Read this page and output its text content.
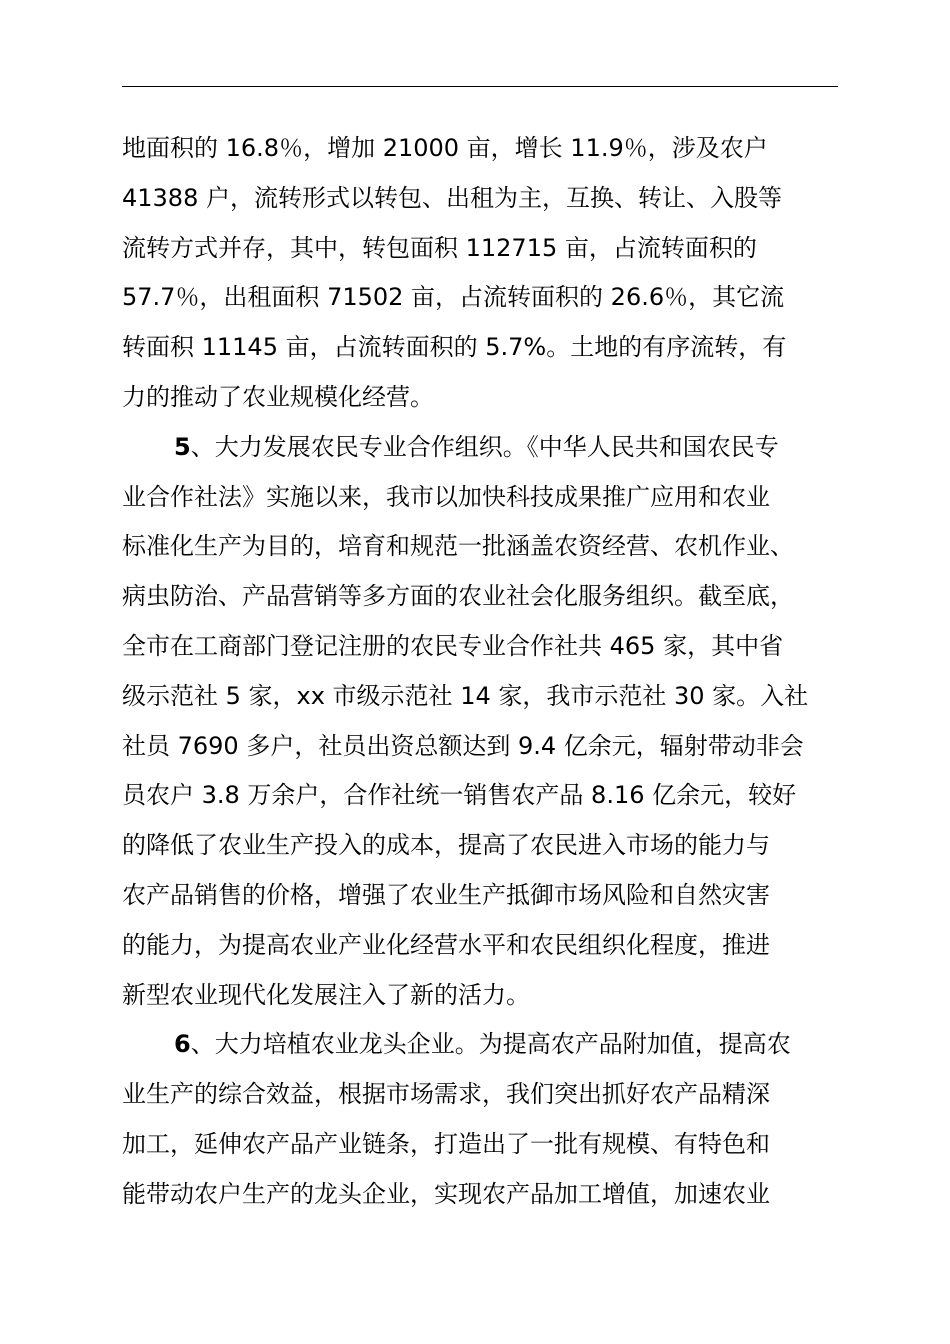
地面积的 16.8％，增加 21000 亩，增长 11.9％，涉及农户
41388 户，流转形式以转包、出租为主，互换、转让、入股等
流转方式并存，其中，转包面积 112715 亩，占流转面积的
57.7％，出租面积 71502 亩，占流转面积的 26.6％，其它流
转面积 11145 亩，占流转面积的 5.7%。土地的有序流转，有
力的推动了农业规模化经营。
5、大力发展农民专业合作组织。《中华人民共和国农民专
业合作社法》实施以来，我市以加快科技成果推广应用和农业
标准化生产为目的，培育和规范一批涵盖农资经营、农机作业、
病虫防治、产品营销等多方面的农业社会化服务组织。截至底，
全市在工商部门登记注册的农民专业合作社共 465 家，其中省
级示范社 5 家，xx 市级示范社 14 家，我市示范社 30 家。入社
社员 7690 多户，社员出资总额达到 9.4 亿余元，辐射带动非会
员农户 3.8 万余户，合作社统一销售农产品 8.16 亿余元，较好
的降低了农业生产投入的成本，提高了农民进入市场的能力与
农产品销售的价格，增强了农业生产抵御市场风险和自然灾害
的能力，为提高农业产业化经营水平和农民组织化程度，推进
新型农业现代化发展注入了新的活力。
6、大力培植农业龙头企业。为提高农产品附加值，提高农
业生产的综合效益，根据市场需求，我们突出抓好农产品精深
加工，延伸农产品产业链条，打造出了一批有规模、有特色和
能带动农户生产的龙头企业，实现农产品加工增值，加速农业
